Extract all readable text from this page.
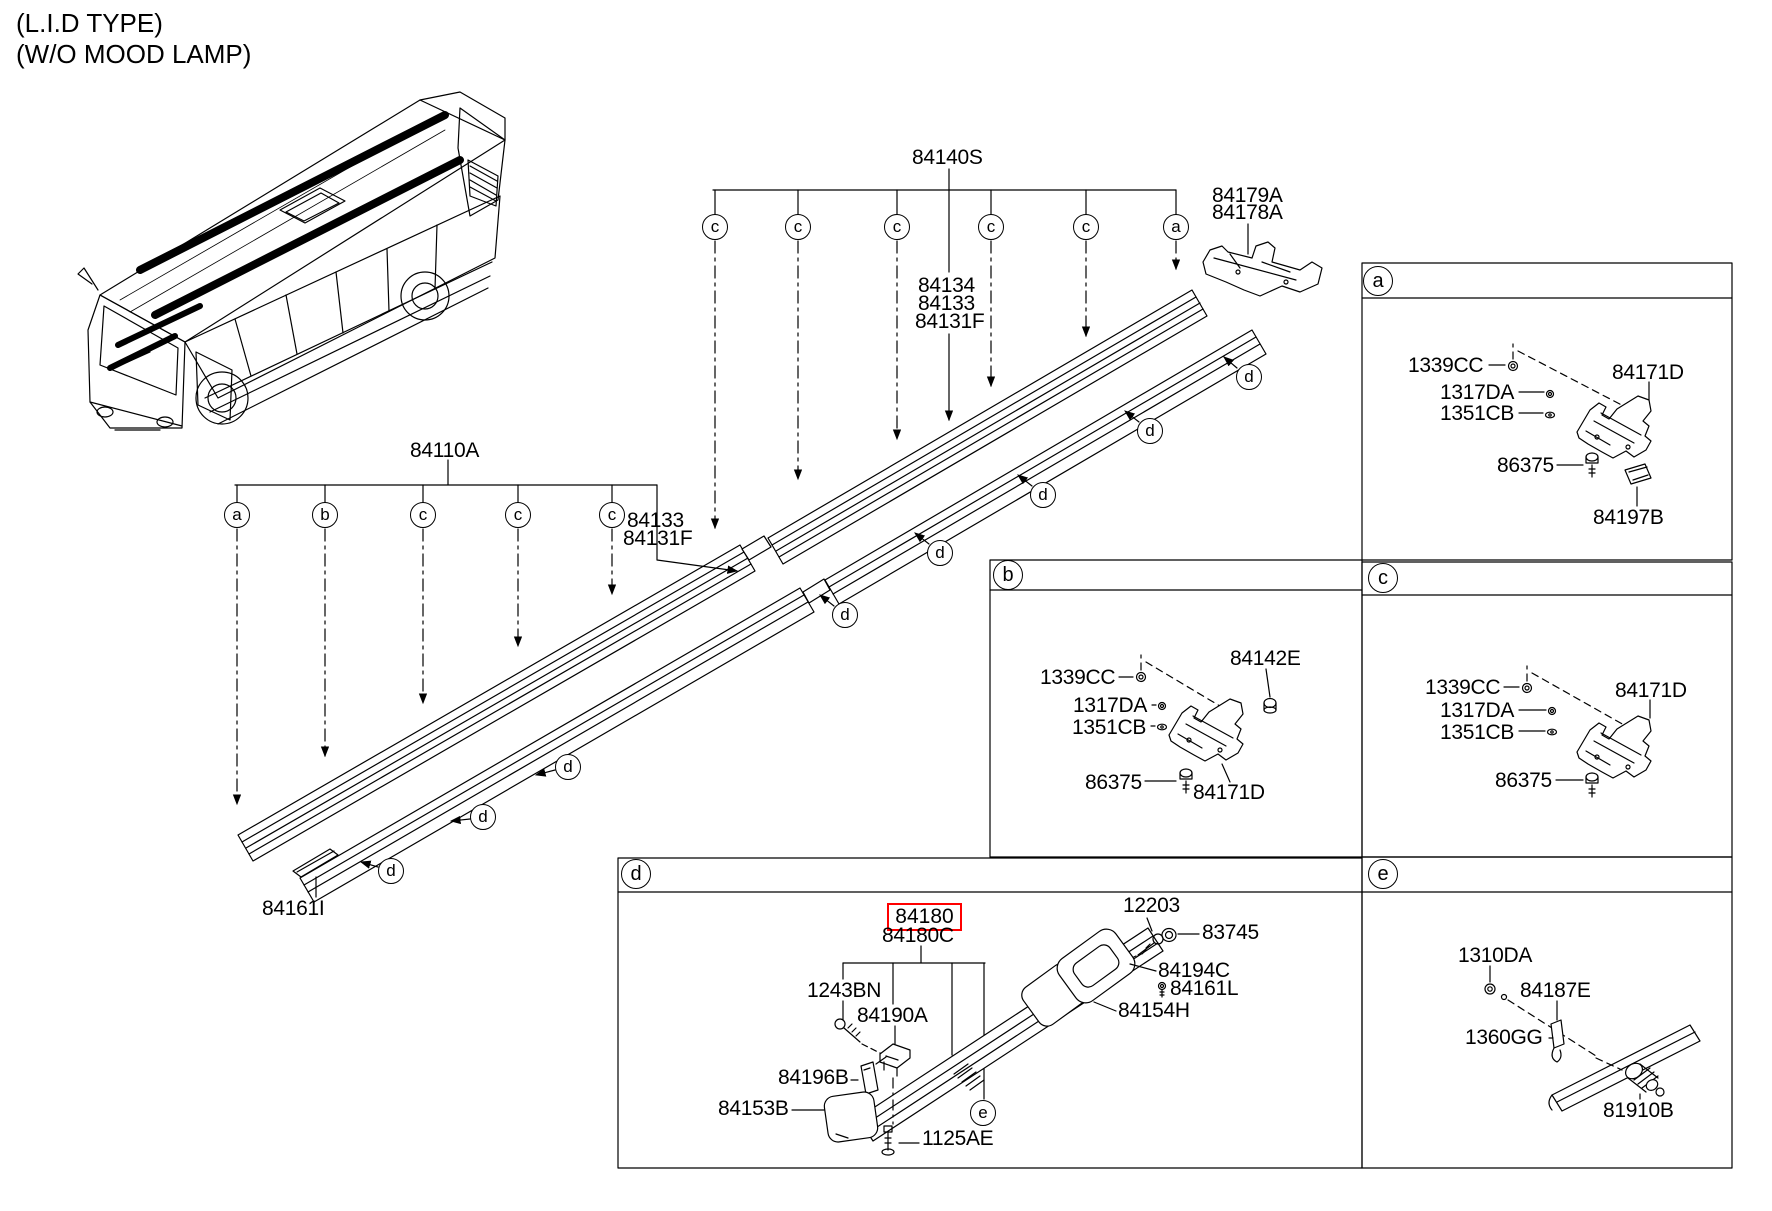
(L.I.D TYPE)
(W/O MOOD LAMP)
84140S
84134
84133
84131F
84179A
84178A
84110A
84133
84131F
84161I
1339CC
1317DA
1351CB
84171D
86375
84197B
84142E
1339CC
1317DA
1351CB
86375 84171D
1339CC
1317DA
1351CB
84171D
86375
84180
84180C
12203
83745
84194C
84161L
84154H
1243BN
84190A
84196B
84153B
1125AE
1310DA
84187E
1360GG
81910B
c	c	c	c	c	a
a	b	c	c	c
d
d
d
d
d
d
d
d
a
b	c
d	e
e
